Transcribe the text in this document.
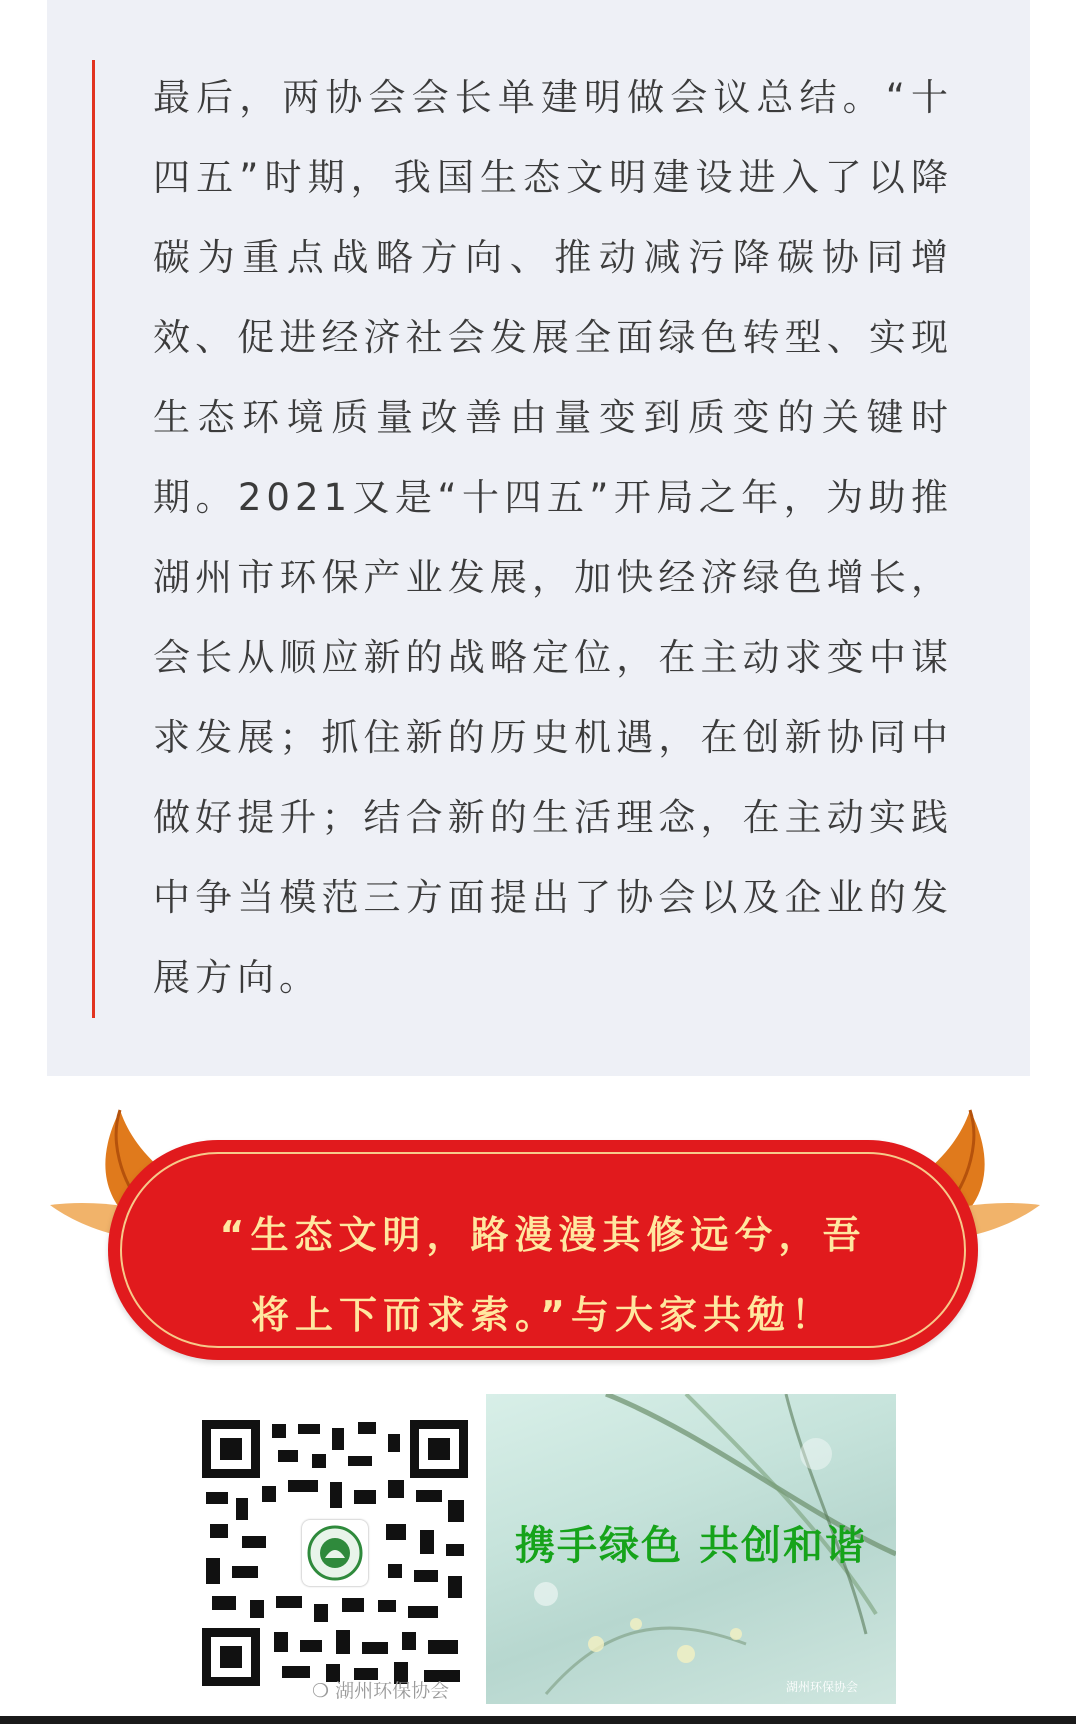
最后，两协会会长单建明做会议总结。“十四五”时期，我国生态文明建设进入了以降碳为重点战略方向、推动减污降碳协同增效、促进经济社会发展全面绿色转型、实现生态环境质量改善由量变到质变的关键时期。2021又是“十四五”开局之年，为助推湖州市环保产业发展，加快经济绿色增长，会长从顺应新的战略定位，在主动求变中谋求发展；抓住新的历史机遇，在创新协同中做好提升；结合新的生活理念，在主动实践中争当模范三方面提出了协会以及企业的发展方向。

“生态文明，路漫漫其修远兮，吾
将上下而求索。”与大家共勉！
❍ 湖州环保协会
携手绿色 共创和谐
湖州环保协会
